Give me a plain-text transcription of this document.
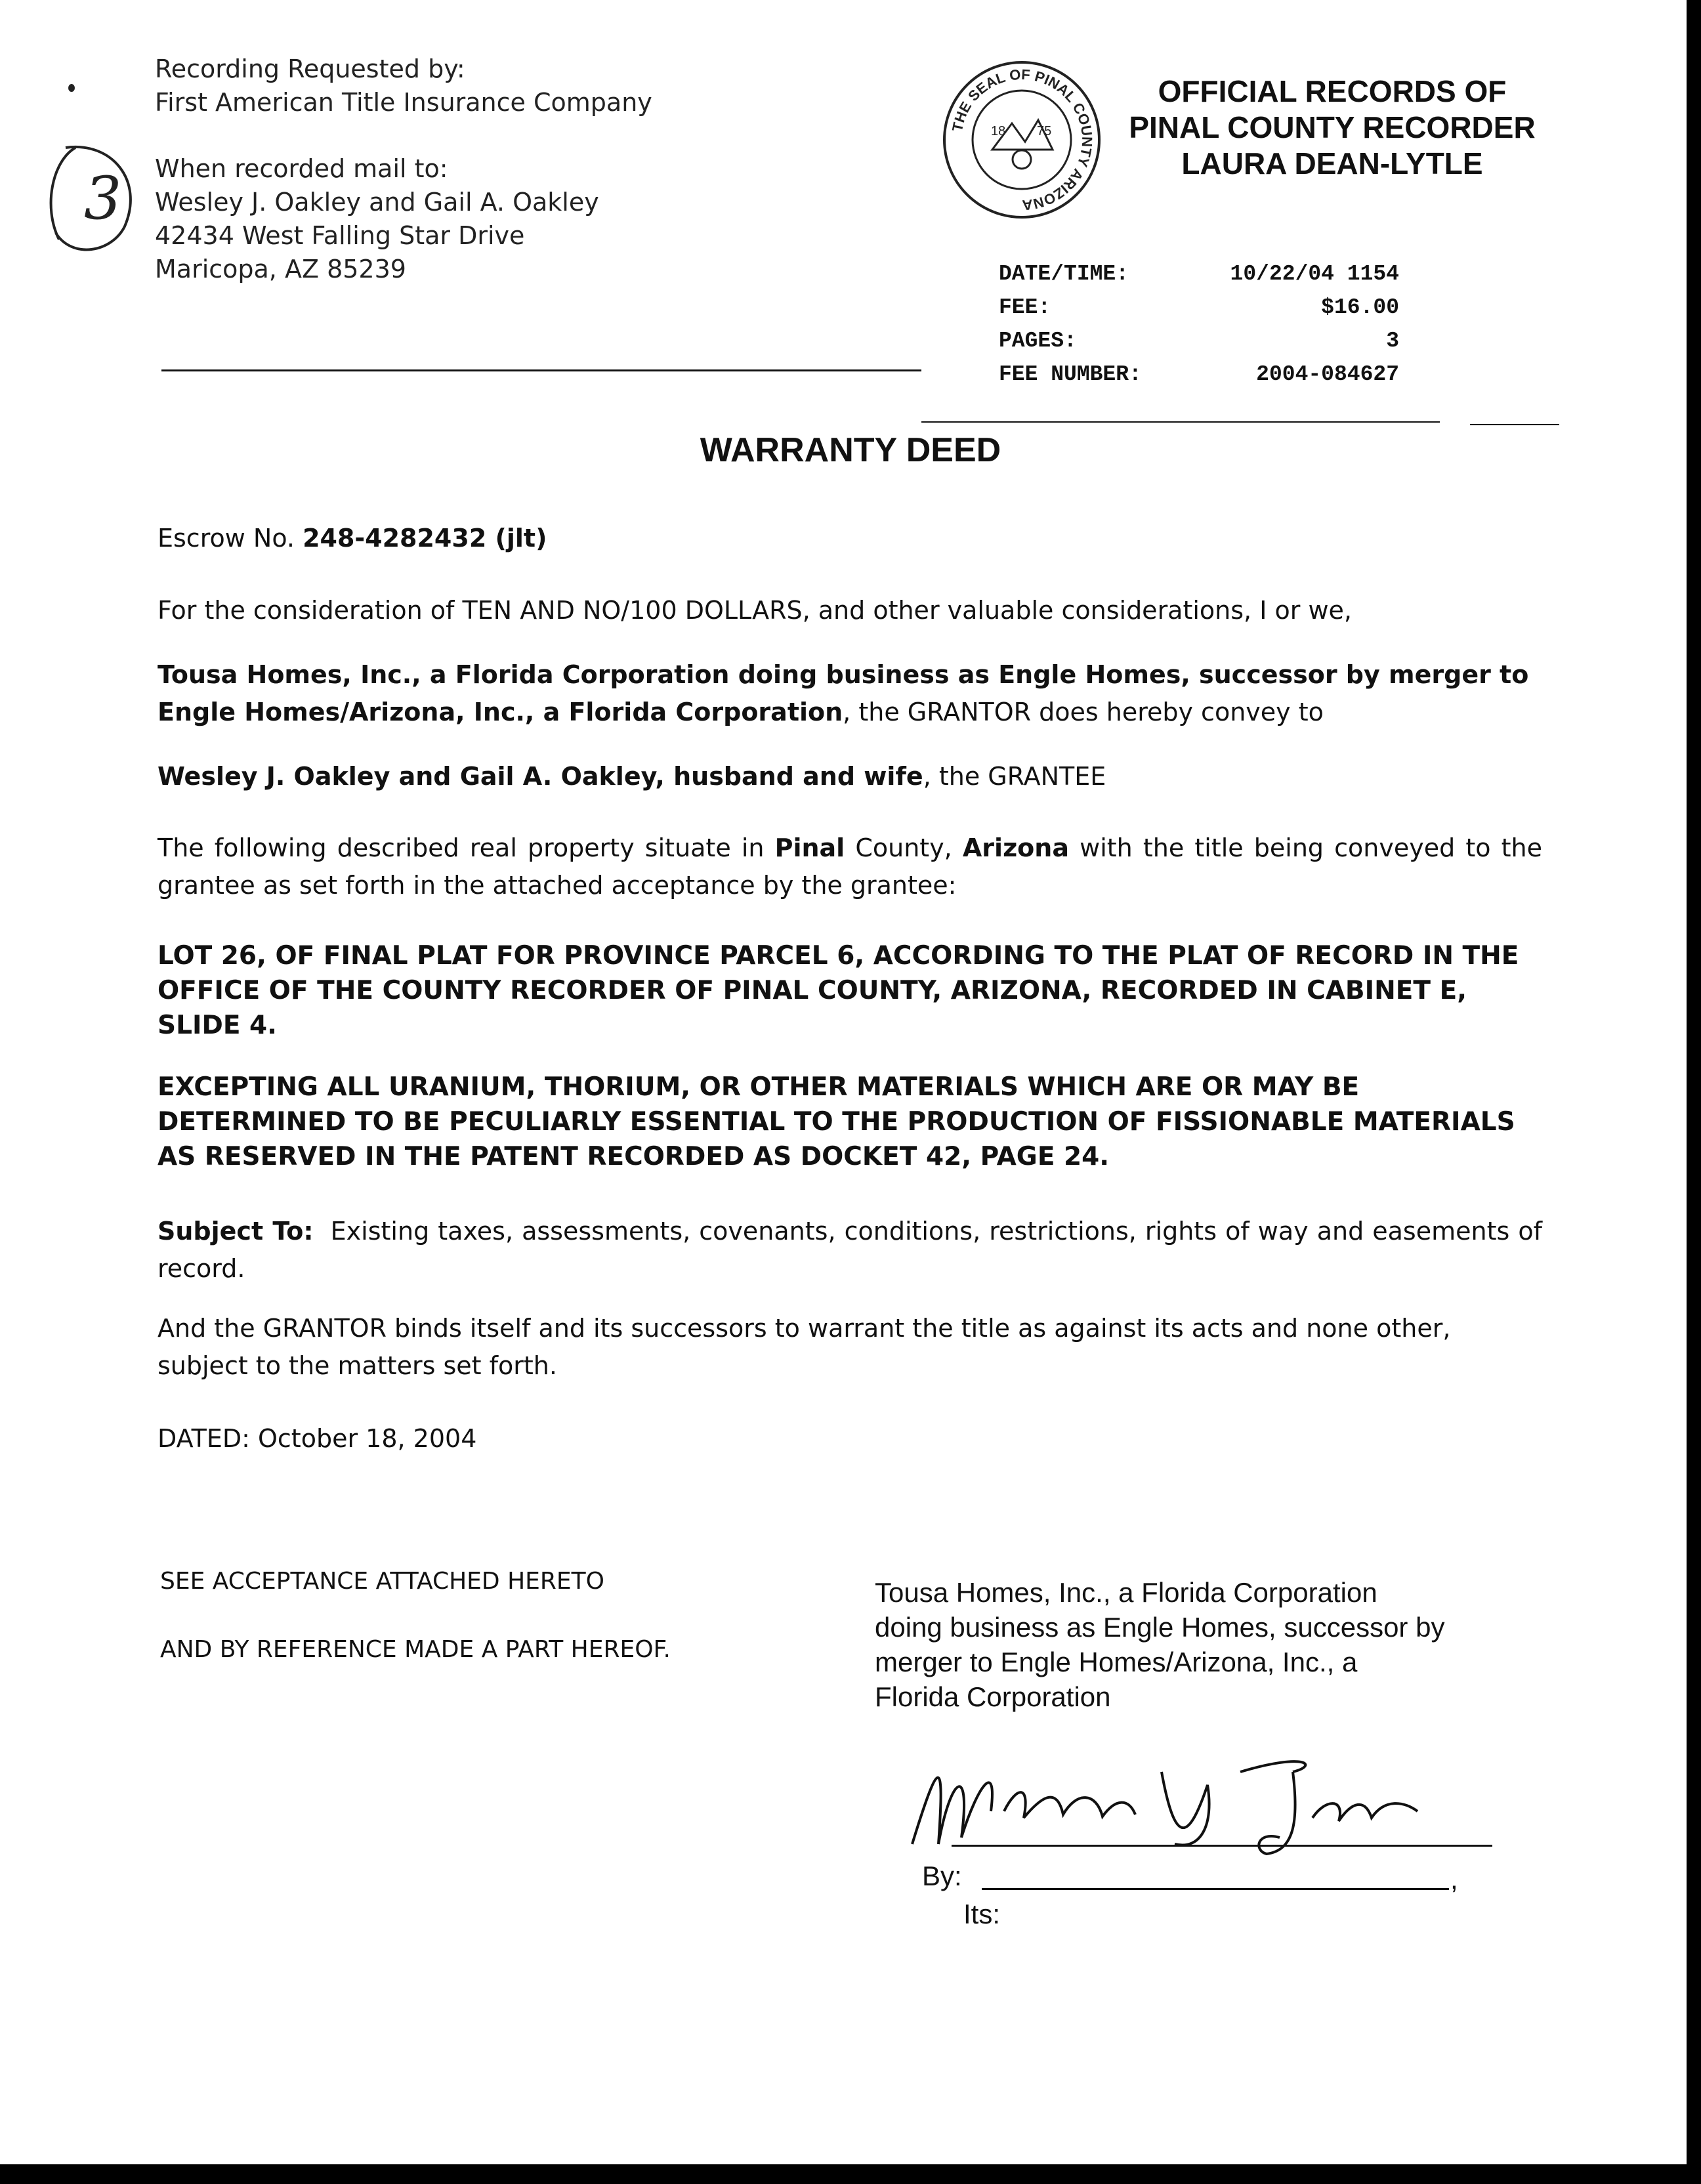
3
Recording Requested by:
First American Title Insurance Company
When recorded mail to:
Wesley J. Oakley and Gail A. Oakley
42434 West Falling Star Drive
Maricopa, AZ 85239
THE SEAL OF PINAL COUNTY ARIZONA
18 75
OFFICIAL RECORDS OF
PINAL COUNTY RECORDER
LAURA DEAN-LYTLE
DATE/TIME:	10/22/04 1154
FEE:	$16.00
PAGES:	3
FEE NUMBER:	2004-084627
WARRANTY DEED
Escrow No. 248-4282432 (jlt)

For the consideration of TEN AND NO/100 DOLLARS, and other valuable considerations, I or we,

Tousa Homes, Inc., a Florida Corporation doing business as Engle Homes, successor by merger to Engle Homes/Arizona, Inc., a Florida Corporation, the GRANTOR does hereby convey to

Wesley J. Oakley and Gail A. Oakley, husband and wife, the GRANTEE

The following described real property situate in Pinal County, Arizona with the title being conveyed to the grantee as set forth in the attached acceptance by the grantee:

LOT 26, OF FINAL PLAT FOR PROVINCE PARCEL 6, ACCORDING TO THE PLAT OF RECORD IN THE OFFICE OF THE COUNTY RECORDER OF PINAL COUNTY, ARIZONA, RECORDED IN CABINET E, SLIDE 4.

EXCEPTING ALL URANIUM, THORIUM, OR OTHER MATERIALS WHICH ARE OR MAY BE DETERMINED TO BE PECULIARLY ESSENTIAL TO THE PRODUCTION OF FISSIONABLE MATERIALS AS RESERVED IN THE PATENT RECORDED AS DOCKET 42, PAGE 24.

Subject To: Existing taxes, assessments, covenants, conditions, restrictions, rights of way and easements of record.

And the GRANTOR binds itself and its successors to warrant the title as against its acts and none other, subject to the matters set forth.

DATED: October 18, 2004

SEE ACCEPTANCE ATTACHED HERETO
AND BY REFERENCE MADE A PART HEREOF.
Tousa Homes, Inc., a Florida Corporation
doing business as Engle Homes, successor by
merger to Engle Homes/Arizona, Inc., a
Florida Corporation
By:	,
Its:
